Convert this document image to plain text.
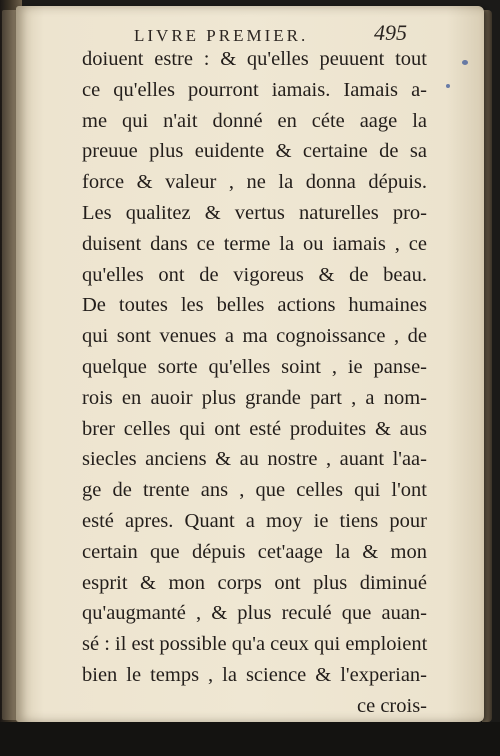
LIVRE PREMIER.	495
doiuent estre : & qu'elles peuuent tout
ce qu'elles pourront iamais. Iamais a-
me qui n'ait donné en céte aage la
preuue plus euidente & certaine de sa
force & valeur , ne la donna dépuis.
Les qualitez & vertus naturelles pro-
duisent dans ce terme la ou iamais , ce
qu'elles ont de vigoreus & de beau.
De toutes les belles actions humaines
qui sont venues a ma cognoissance , de
quelque sorte qu'elles soint , ie panse-
rois en auoir plus grande part , a nom-
brer celles qui ont esté produites & aus
siecles anciens & au nostre , auant l'aa-
ge de trente ans , que celles qui l'ont
esté apres. Quant a moy ie tiens pour
certain que dépuis cet'aage la & mon
esprit & mon corps ont plus diminué
qu'augmanté , & plus reculé que auan-
sé : il est possible qu'a ceux qui emploient
bien le temps , la science & l'experian-
ce crois-
